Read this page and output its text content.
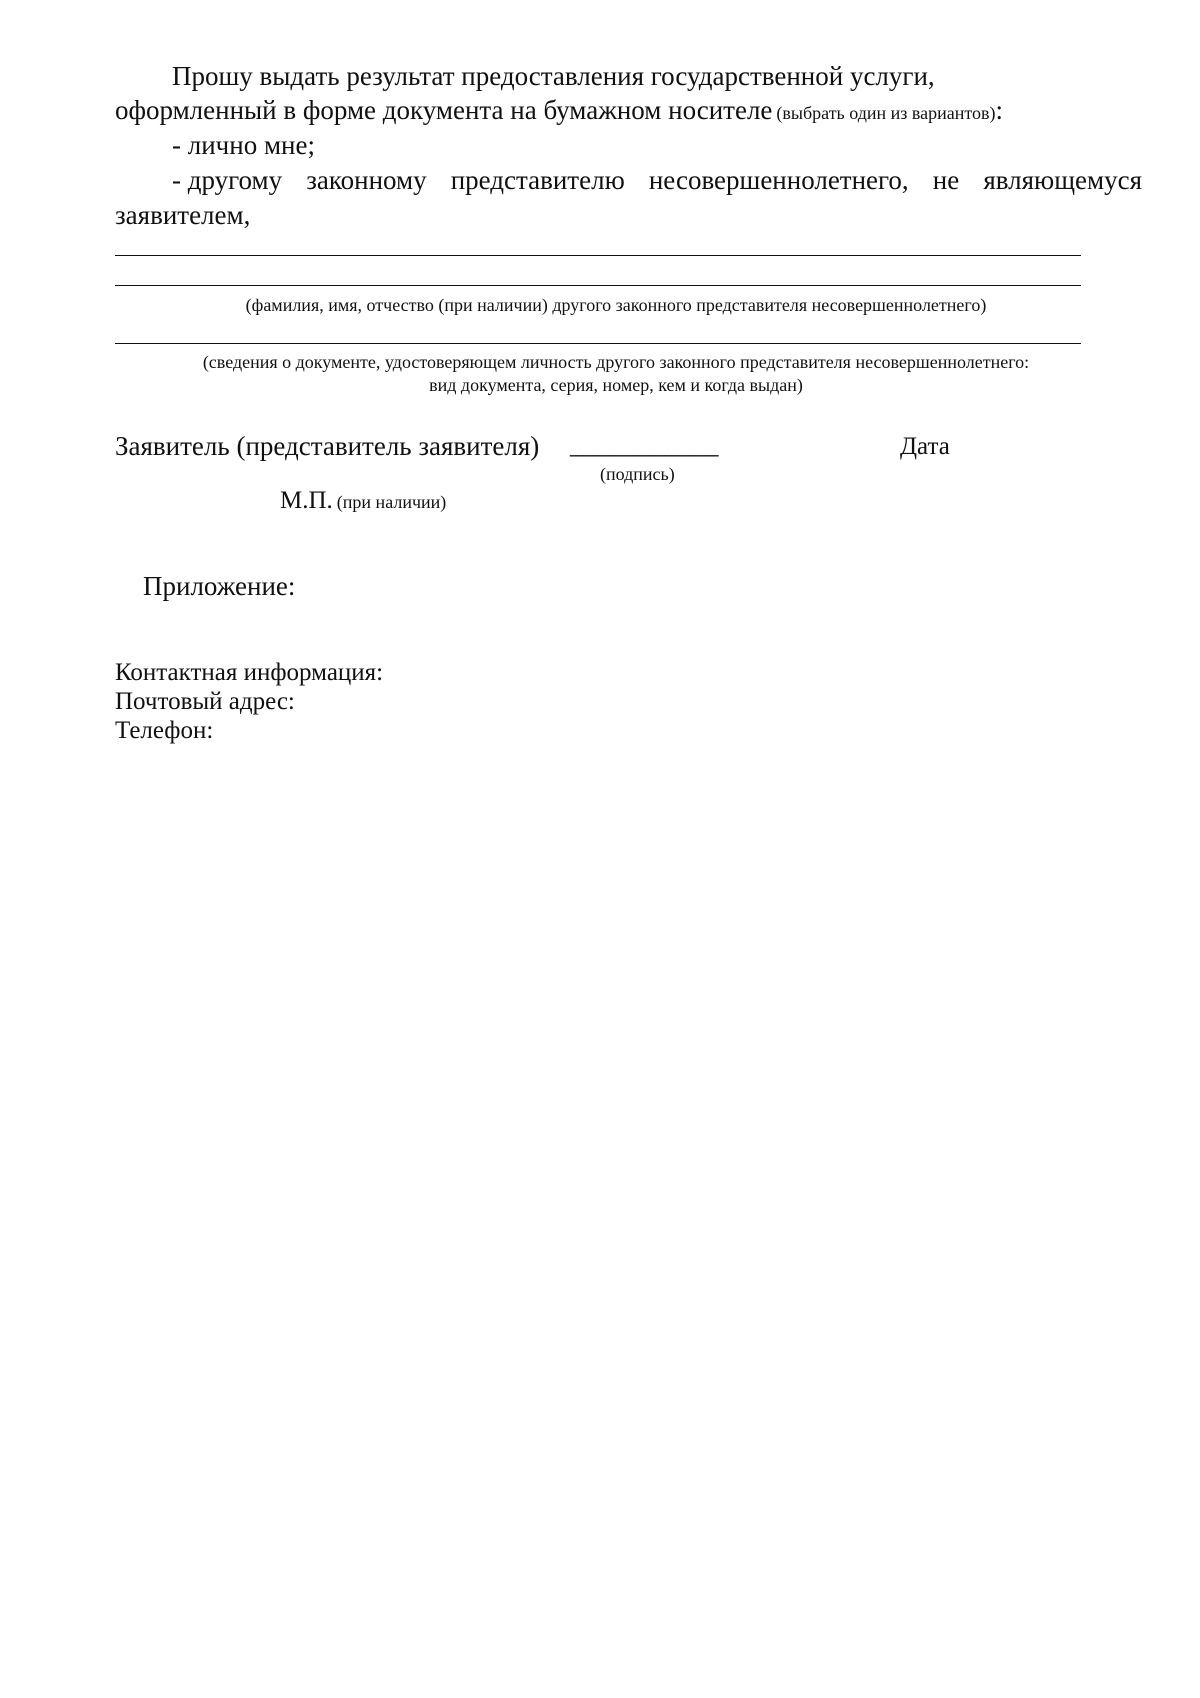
Прошу выдать результат предоставления государственной услуги,
оформленный в форме документа на бумажном носителе (выбрать один из вариантов):
- лично мне;
- другому законному представителю несовершеннолетнего, не являющемуся
заявителем,
(фамилия, имя, отчество (при наличии) другого законного представителя несовершеннолетнего)
(сведения о документе, удостоверяющем личность другого законного представителя несовершеннолетнего:
вид документа, серия, номер, кем и когда выдан)
Заявитель (представитель заявителя) ___________
(подпись)
Дата
М.П. (при наличии)
Приложение:
Контактная информация:
Почтовый адрес:
Телефон:
